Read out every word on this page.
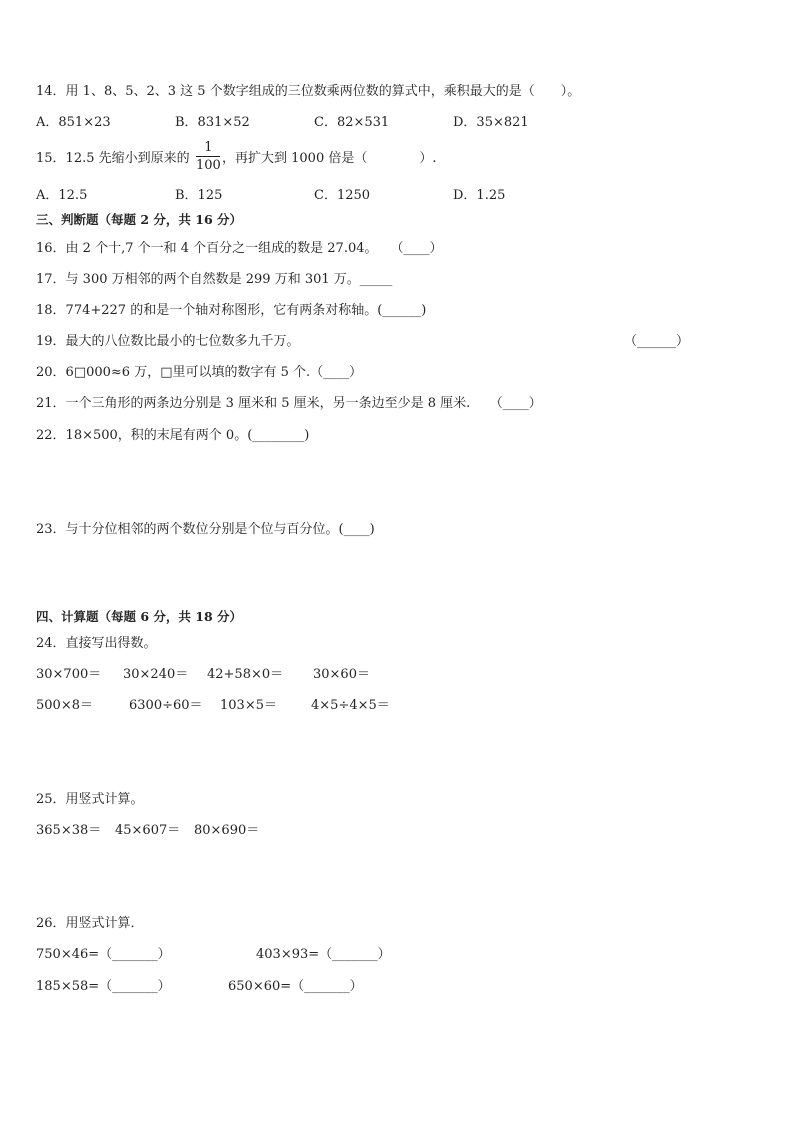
14．用 1、8、5、2、3 这 5 个数字组成的三位数乘两位数的算式中，乘积最大的是（　　）。
A．851×23	B．831×52	C．82×531	D．35×821
15．12.5 先缩小到原来的
1
100 ，再扩大到 1000 倍是（　　　　）.
A．12.5	B．125	C．1250	D．1.25
三、判断题（每题 2 分，共 16 分）
16．由 2 个十,7 个一和 4 个百分之一组成的数是 27.04。　　（____）
17．与 300 万相邻的两个自然数是 299 万和 301 万。_____
18．774+227 的和是一个轴对称图形，它有两条对称轴。(______)
19．最大的八位数比最小的七位数多九千万。	（______）
20．6□000≈6 万，□里可以填的数字有 5 个.（____）
21．一个三角形的两条边分别是 3 厘米和 5 厘米，另一条边至少是 8 厘米.　　（____）
22．18×500，积的末尾有两个 0。(________)
23．与十分位相邻的两个数位分别是个位与百分位。(____)
四、计算题（每题 6 分，共 18 分）
24．直接写出得数。
30×700＝ 30×240＝ 42+58×0＝ 30×60＝
500×8＝	6300÷60＝ 103×5＝	4×5÷4×5＝
25．用竖式计算。
365×38＝ 45×607＝ 80×690＝
26．用竖式计算．
750×46=（_______）	403×93=（_______）
185×58=（_______）	650×60=（_______）
